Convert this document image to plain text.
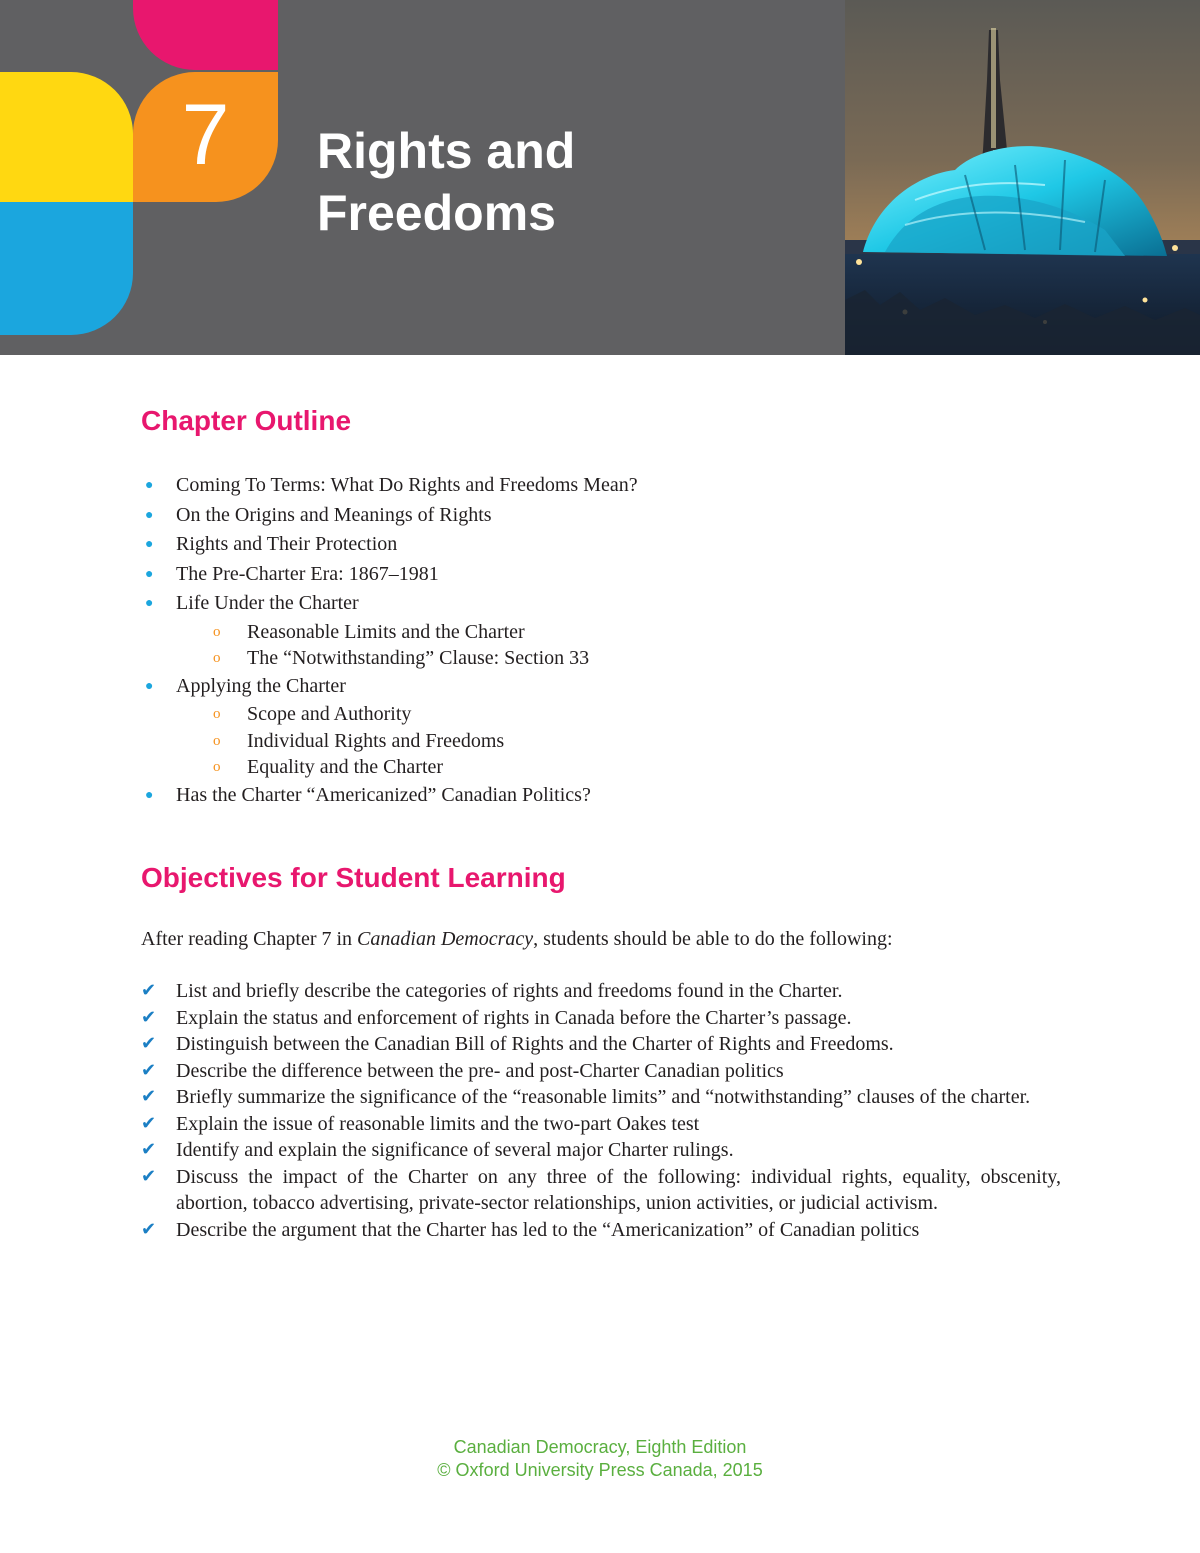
7	Rights and
Freedoms
Chapter Outline
● Coming To Terms: What Do Rights and Freedoms Mean?
● On the Origins and Meanings of Rights
● Rights and Their Protection
● The Pre-Charter Era: 1867–1981
● Life Under the Charter
o Reasonable Limits and the Charter
o The “Notwithstanding” Clause: Section 33
● Applying the Charter
o Scope and Authority
o Individual Rights and Freedoms
o Equality and the Charter
● Has the Charter “Americanized” Canadian Politics?
Objectives for Student Learning
After reading Chapter 7 in Canadian Democracy, students should be able to do the following:
✔ List and briefly describe the categories of rights and freedoms found in the Charter.
✔ Explain the status and enforcement of rights in Canada before the Charter’s passage.
✔ Distinguish between the Canadian Bill of Rights and the Charter of Rights and Freedoms.
✔ Describe the difference between the pre- and post-Charter Canadian politics
✔ Briefly summarize the significance of the “reasonable limits” and “notwithstanding” clauses of the charter.
✔ Explain the issue of reasonable limits and the two-part Oakes test
✔ Identify and explain the significance of several major Charter rulings.
✔ Discuss the impact of the Charter on any three of the following: individual rights, equality, obscenity, abortion, tobacco advertising, private-sector relationships, union activities, or judicial activism.
✔ Describe the argument that the Charter has led to the “Americanization” of Canadian politics
Canadian Democracy, Eighth Edition
© Oxford University Press Canada, 2015
